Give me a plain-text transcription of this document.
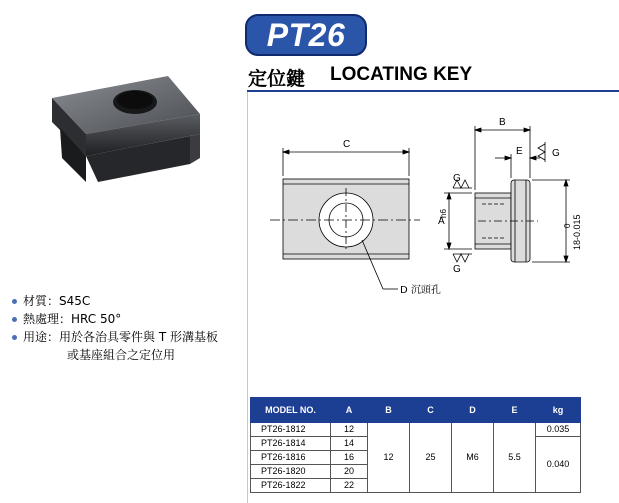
PT26
定位鍵 LOCATING KEY
材質：S45C
熱處理：HRC 50°
用途：用於各治具零件與 T 形溝基板
或基座組合之定位用
C
B
E
A
G
G
G
D 沉頭孔
h6
0 18-0.015
MODEL NO.	A	B	C	D	E	kg
PT26-1812	12	12	25	M6	5.5	0.035
PT26-1814	14					0.040
PT26-1816	16					
PT26-1820	20					
PT26-1822	22					
